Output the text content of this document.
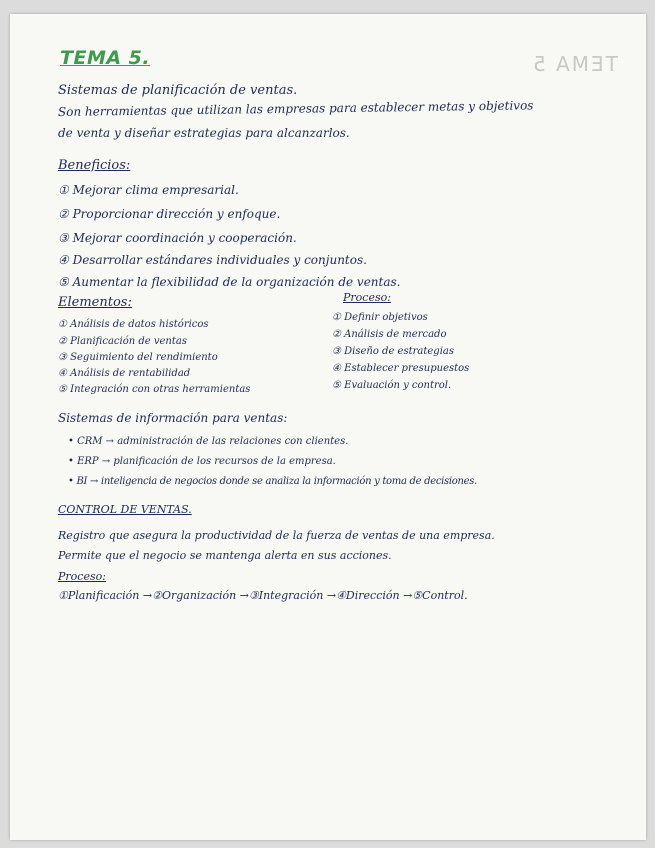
TEMA 5
TEMA 5.
Sistemas de planificación de ventas.
Son herramientas que utilizan las empresas para establecer metas y objetivos
de venta y diseñar estrategias para alcanzarlos.
Beneficios:
① Mejorar clima empresarial.
② Proporcionar dirección y enfoque.
③ Mejorar coordinación y cooperación.
④ Desarrollar estándares individuales y conjuntos.
⑤ Aumentar la flexibilidad de la organización de ventas.
Elementos:
① Análisis de datos históricos
② Planificación de ventas
③ Seguimiento del rendimiento
④ Análisis de rentabilidad
⑤ Integración con otras herramientas
Proceso:
① Definir objetivos
② Análisis de mercado
③ Diseño de estrategias
④ Establecer presupuestos
⑤ Evaluación y control.
Sistemas de información para ventas:
• CRM → administración de las relaciones con clientes.
• ERP → planificación de los recursos de la empresa.
• BI → inteligencia de negocios donde se analiza la información y toma de decisiones.
CONTROL DE VENTAS.
Registro que asegura la productividad de la fuerza de ventas de una empresa.
Permite que el negocio se mantenga alerta en sus acciones.
Proceso:
①Planificación →②Organización →③Integración →④Dirección →⑤Control.
